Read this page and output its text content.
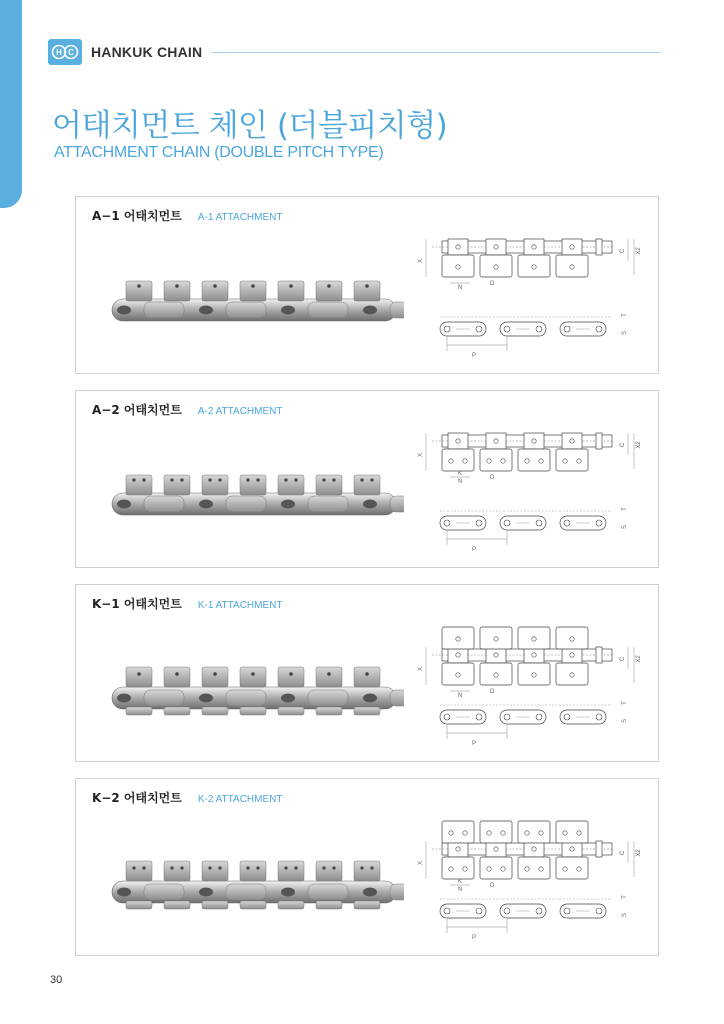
H C HANKUK CHAIN
어태치먼트 체인 (더블피치형)
ATTACHMENT CHAIN (DOUBLE PITCH TYPE)
A−1 어태치먼트 A-1 ATTACHMENT
X
C X2
N
O
T
S
P
A−2 어태치먼트 A-2 ATTACHMENT
X
C X2
N
K
O
T
S
P
K−1 어태치먼트 K-1 ATTACHMENT
X
C X2
N
O
T
S
P
K−2 어태치먼트 K-2 ATTACHMENT
X
C X2
N
K
O
T
S
P
30
